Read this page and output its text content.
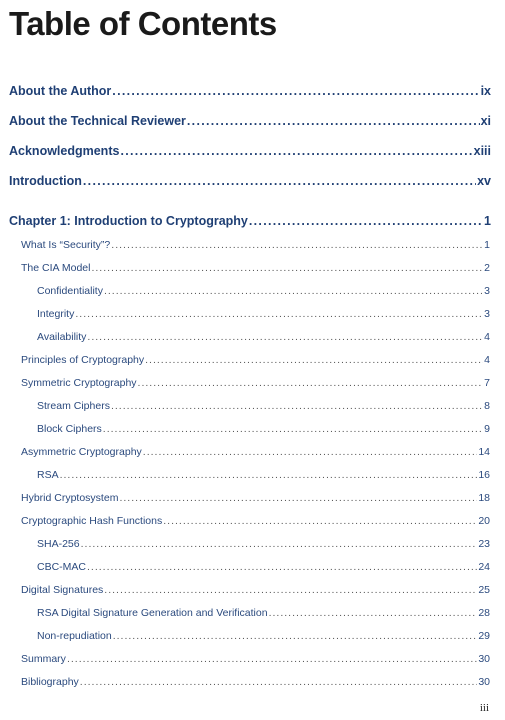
Table of Contents
About the Author .....	ix
About the Technical Reviewer .....	xi
Acknowledgments .....	xiii
Introduction .....	xv
Chapter 1: Introduction to Cryptography .....	1
What Is “Security”? .....	1
The CIA Model .....	2
Confidentiality .....	3
Integrity .....	3
Availability .....	4
Principles of Cryptography .....	4
Symmetric Cryptography .....	7
Stream Ciphers .....	8
Block Ciphers .....	9
Asymmetric Cryptography .....	14
RSA .....	16
Hybrid Cryptosystem .....	18
Cryptographic Hash Functions .....	20
SHA-256 .....	23
CBC-MAC .....	24
Digital Signatures .....	25
RSA Digital Signature Generation and Verification .....	28
Non-repudiation .....	29
Summary .....	30
Bibliography .....	30
iii
